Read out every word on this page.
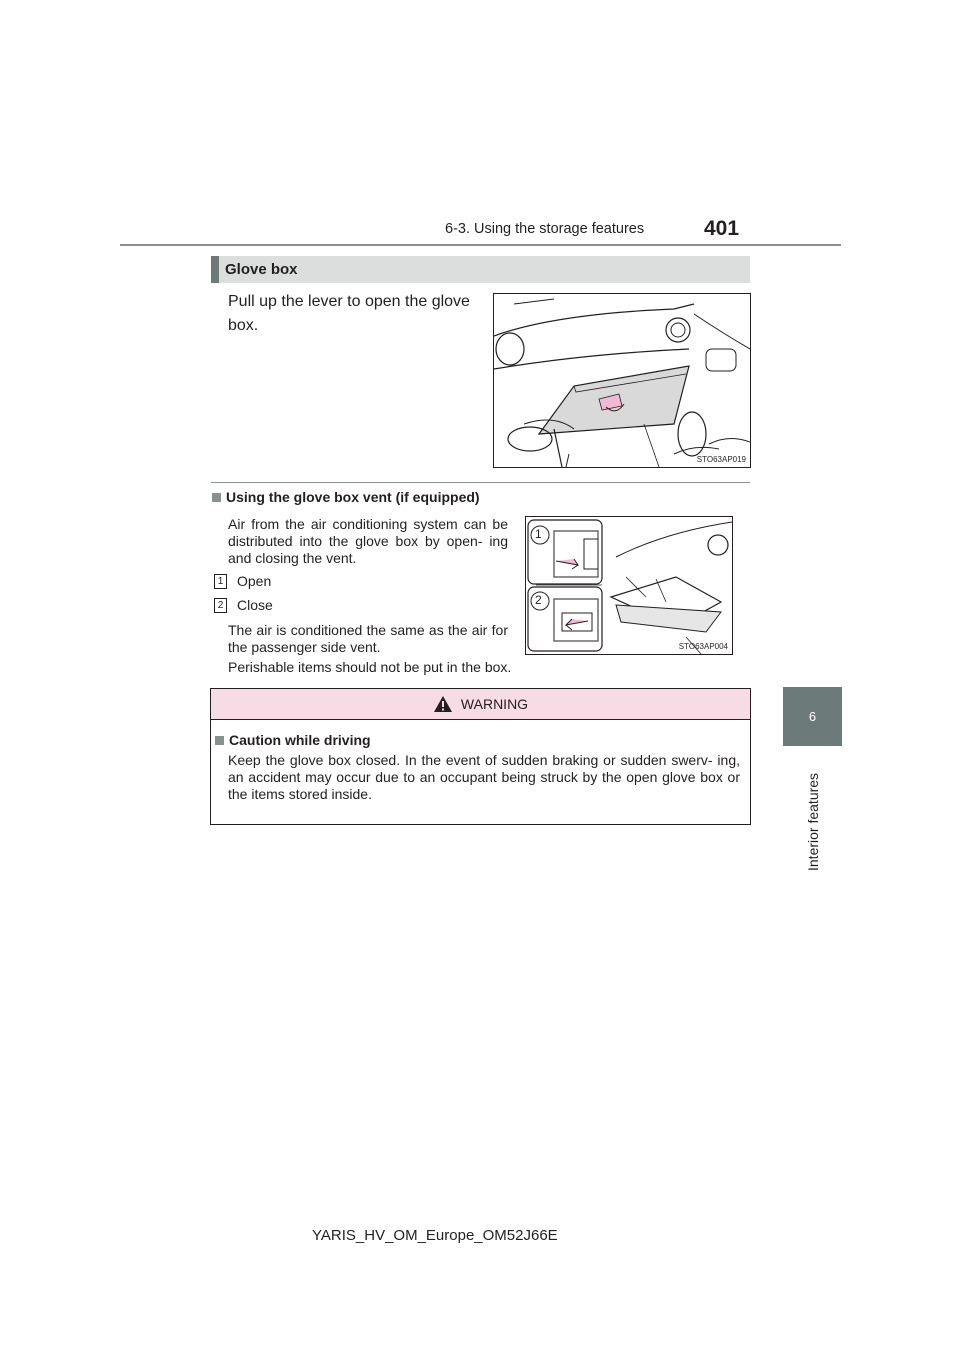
6-3. Using the storage features	401
6
Interior features
Glove box
Pull up the lever to open the glove box.
STO63AP019
Using the glove box vent (if equipped)
Air from the air conditioning system can be distributed into the glove box by open- ing and closing the vent.
1 Open
2 Close
The air is conditioned the same as the air for the passenger side vent.
Perishable items should not be put in the box.
1
2
STO63AP004
WARNING
Caution while driving
Keep the glove box closed. In the event of sudden braking or sudden swerv- ing, an accident may occur due to an occupant being struck by the open glove box or the items stored inside.
YARIS_HV_OM_Europe_OM52J66E
